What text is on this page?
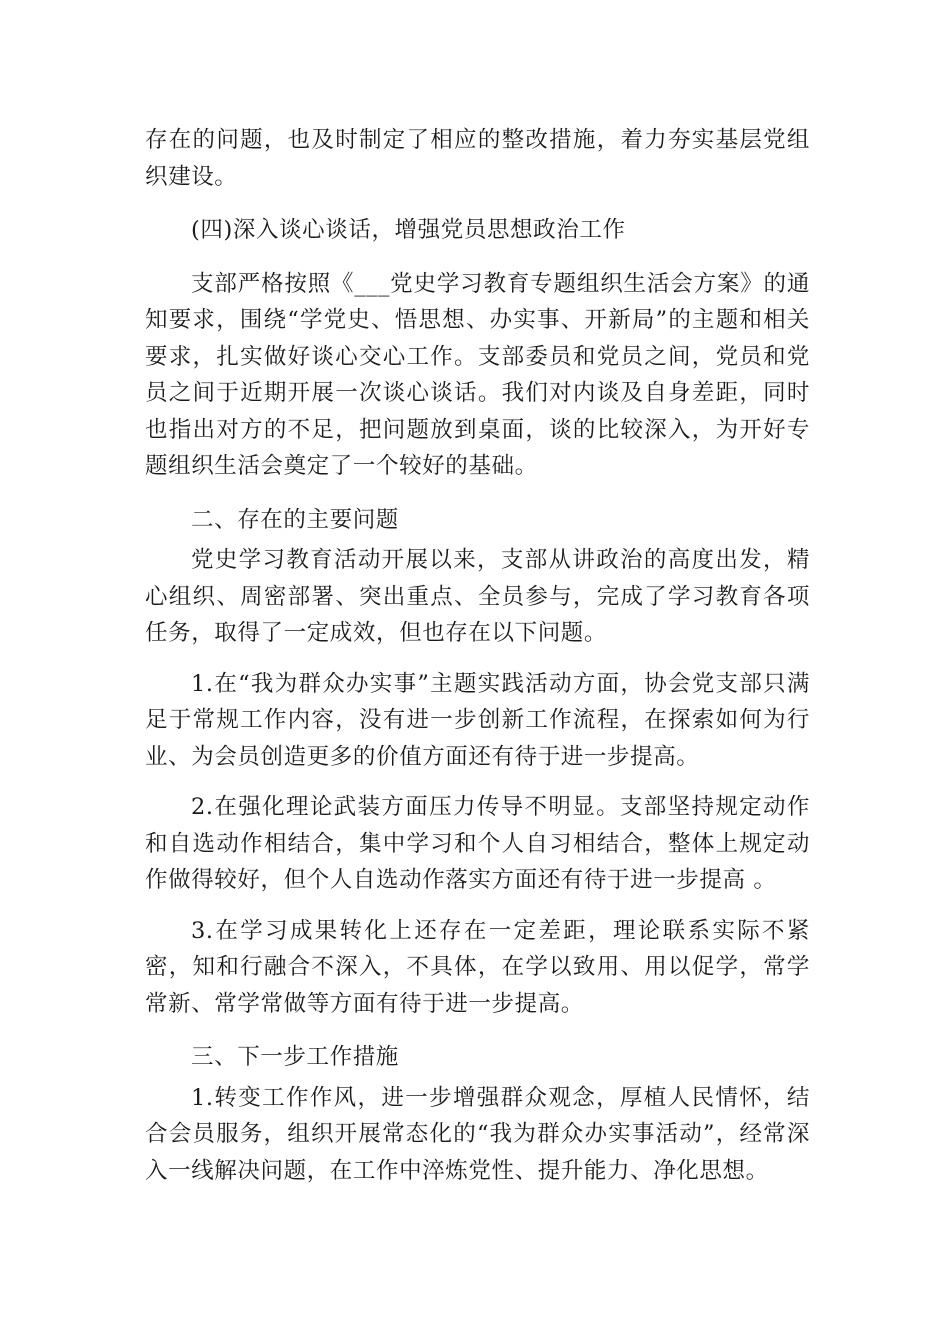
存在的问题，也及时制定了相应的整改措施，着力夯实基层党组织建设。

(四)深入谈心谈话，增强党员思想政治工作

支部严格按照《___党史学习教育专题组织生活会方案》的通知要求，围绕“学党史、悟思想、办实事、开新局”的主题和相关要求，扎实做好谈心交心工作。支部委员和党员之间，党员和党员之间于近期开展一次谈心谈话。我们对内谈及自身差距，同时也指出对方的不足，把问题放到桌面，谈的比较深入，为开好专题组织生活会奠定了一个较好的基础。

二、存在的主要问题

党史学习教育活动开展以来，支部从讲政治的高度出发，精心组织、周密部署、突出重点、全员参与，完成了学习教育各项任务，取得了一定成效，但也存在以下问题。

1.在“我为群众办实事”主题实践活动方面，协会党支部只满足于常规工作内容，没有进一步创新工作流程，在探索如何为行业、为会员创造更多的价值方面还有待于进一步提高。

2.在强化理论武装方面压力传导不明显。支部坚持规定动作和自选动作相结合，集中学习和个人自习相结合，整体上规定动作做得较好，但个人自选动作落实方面还有待于进一步提高 。

3.在学习成果转化上还存在一定差距，理论联系实际不紧密，知和行融合不深入，不具体，在学以致用、用以促学，常学常新、常学常做等方面有待于进一步提高。

三、下一步工作措施

1.转变工作作风，进一步增强群众观念，厚植人民情怀，结合会员服务，组织开展常态化的“我为群众办实事活动”，经常深入一线解决问题，在工作中淬炼党性、提升能力、净化思想。
